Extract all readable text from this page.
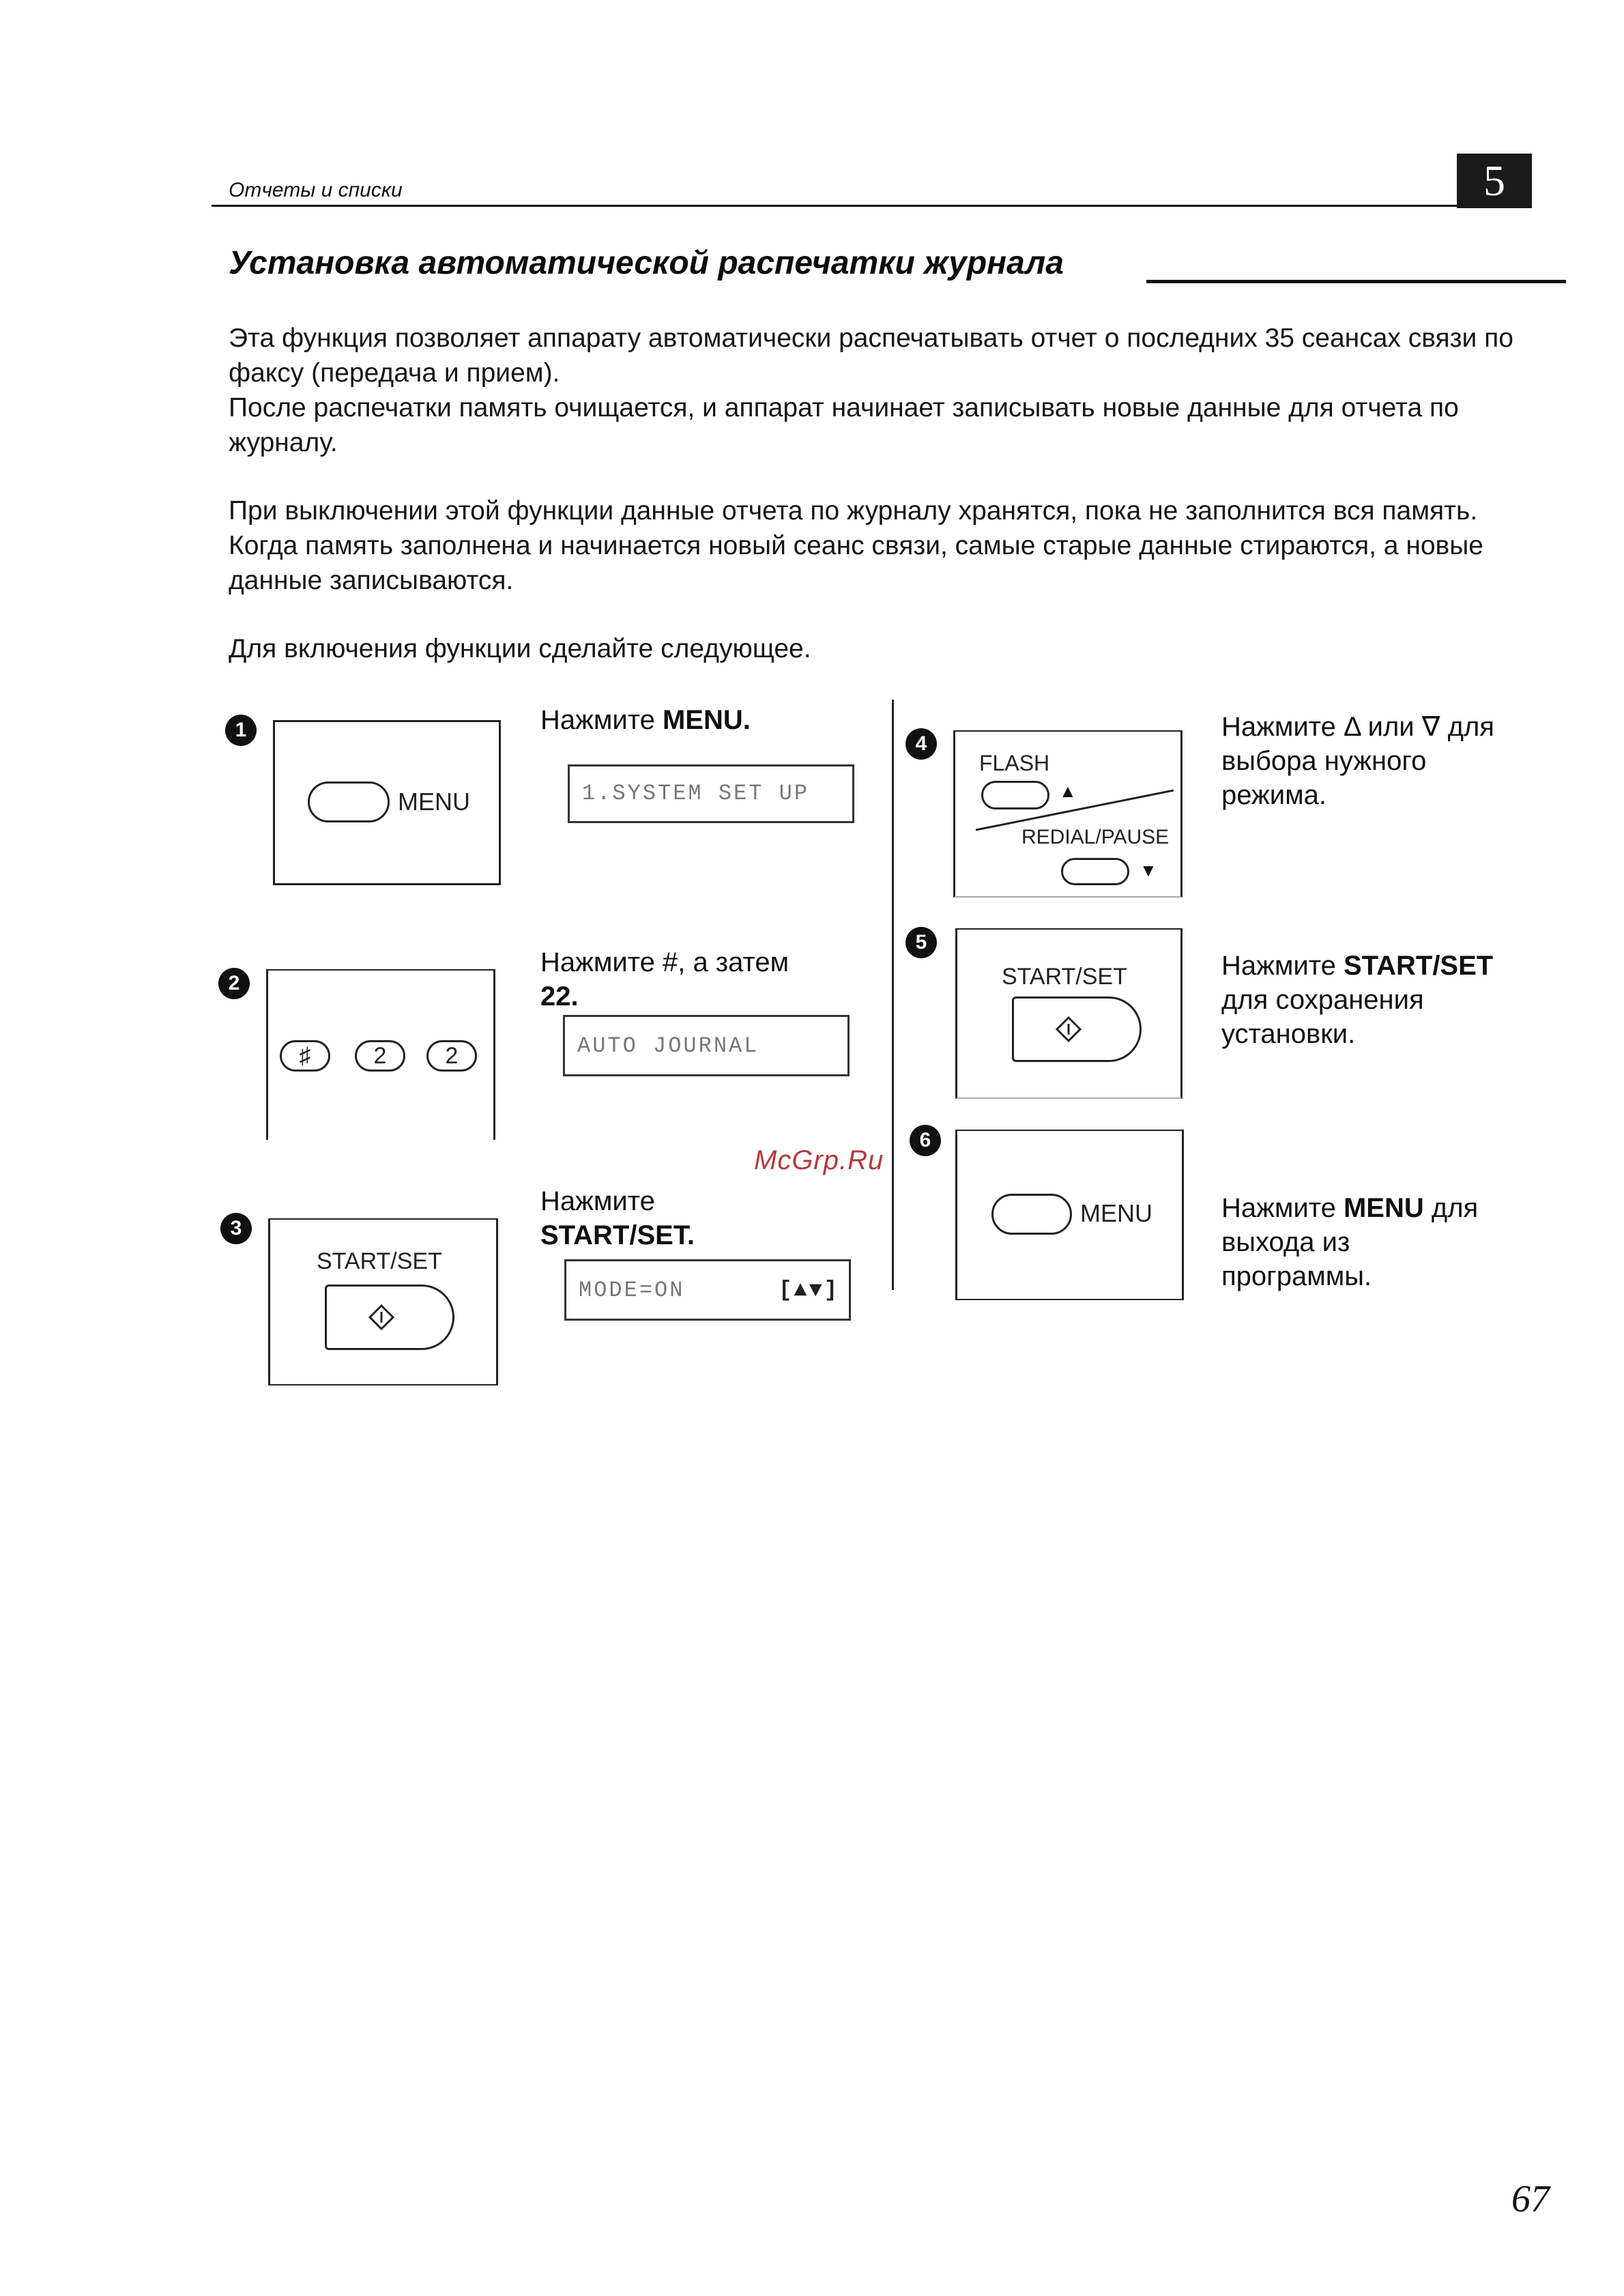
Отчеты и списки	5
Установка автоматической распечатки журнала

Эта функция позволяет аппарату автоматически распечатывать отчет о последних 35 сеансах связи по факсу (передача и прием).

После распечатки память очищается, и аппарат начинает записывать новые данные для отчета по журналу.

При выключении этой функции данные отчета по журналу хранятся, пока не заполнится вся память. Когда память заполнена и начинается новый сеанс связи, самые старые данные стираются, а новые данные записываются.

Для включения функции сделайте следующее.

1
MENU
Нажмите MENU.
1.SYSTEM SET UP
2
♯	2	2
Нажмите #, а затем
22.
AUTO JOURNAL
3
START/SET
Нажмите
START/SET.
MODE=ON	[▲▼]
4
FLASH
▲
REDIAL/PAUSE
▼
Нажмите Δ или ∇ для
выбора нужного
режима.
5
START/SET	Нажмите START/SET
для сохранения
установки.
6
MENU	Нажмите MENU для
выхода из
программы.
McGrp.Ru
67
